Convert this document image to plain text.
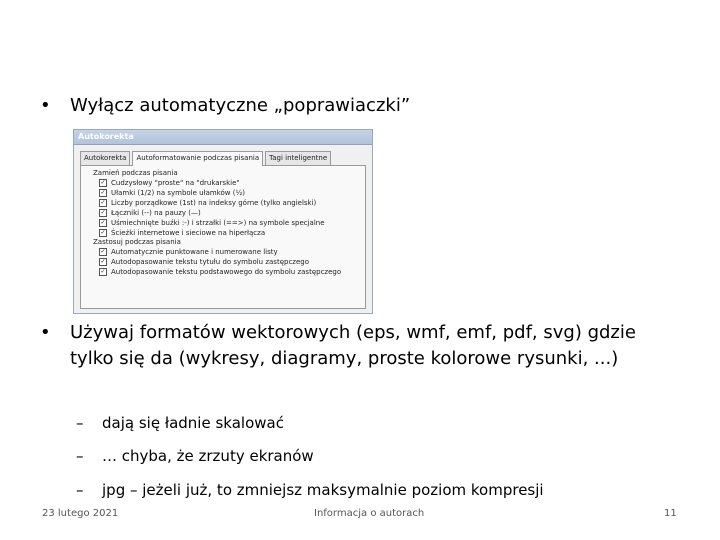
•	Wyłącz automatyczne „poprawiaczki”
Autokorekta
Autokorekta	Autoformatowanie podczas pisania	Tagi inteligentne
Zamień podczas pisania
✓ Cudzysłowy "proste" na "drukarskie"
✓ Ułamki (1/2) na symbole ułamków (½)
✓ Liczby porządkowe (1st) na indeksy górne (tylko angielski)
✓ Łączniki (--) na pauzy (—)
✓ Uśmiechnięte buźki :-) i strzałki (==>) na symbole specjalne
✓ Ścieżki internetowe i sieciowe na hiperłącza
Zastosuj podczas pisania
✓ Automatycznie punktowane i numerowane listy
✓ Autodopasowanie tekstu tytułu do symbolu zastępczego
✓ Autodopasowanie tekstu podstawowego do symbolu zastępczego
•	Używaj formatów wektorowych (eps, wmf, emf, pdf, svg) gdzie tylko się da (wykresy, diagramy, proste kolorowe rysunki, ...)
–	dają się ładnie skalować
–	… chyba, że zrzuty ekranów
–	jpg – jeżeli już, to zmniejsz maksymalnie poziom kompresji
23 lutego 2021	Informacja o autorach	11
